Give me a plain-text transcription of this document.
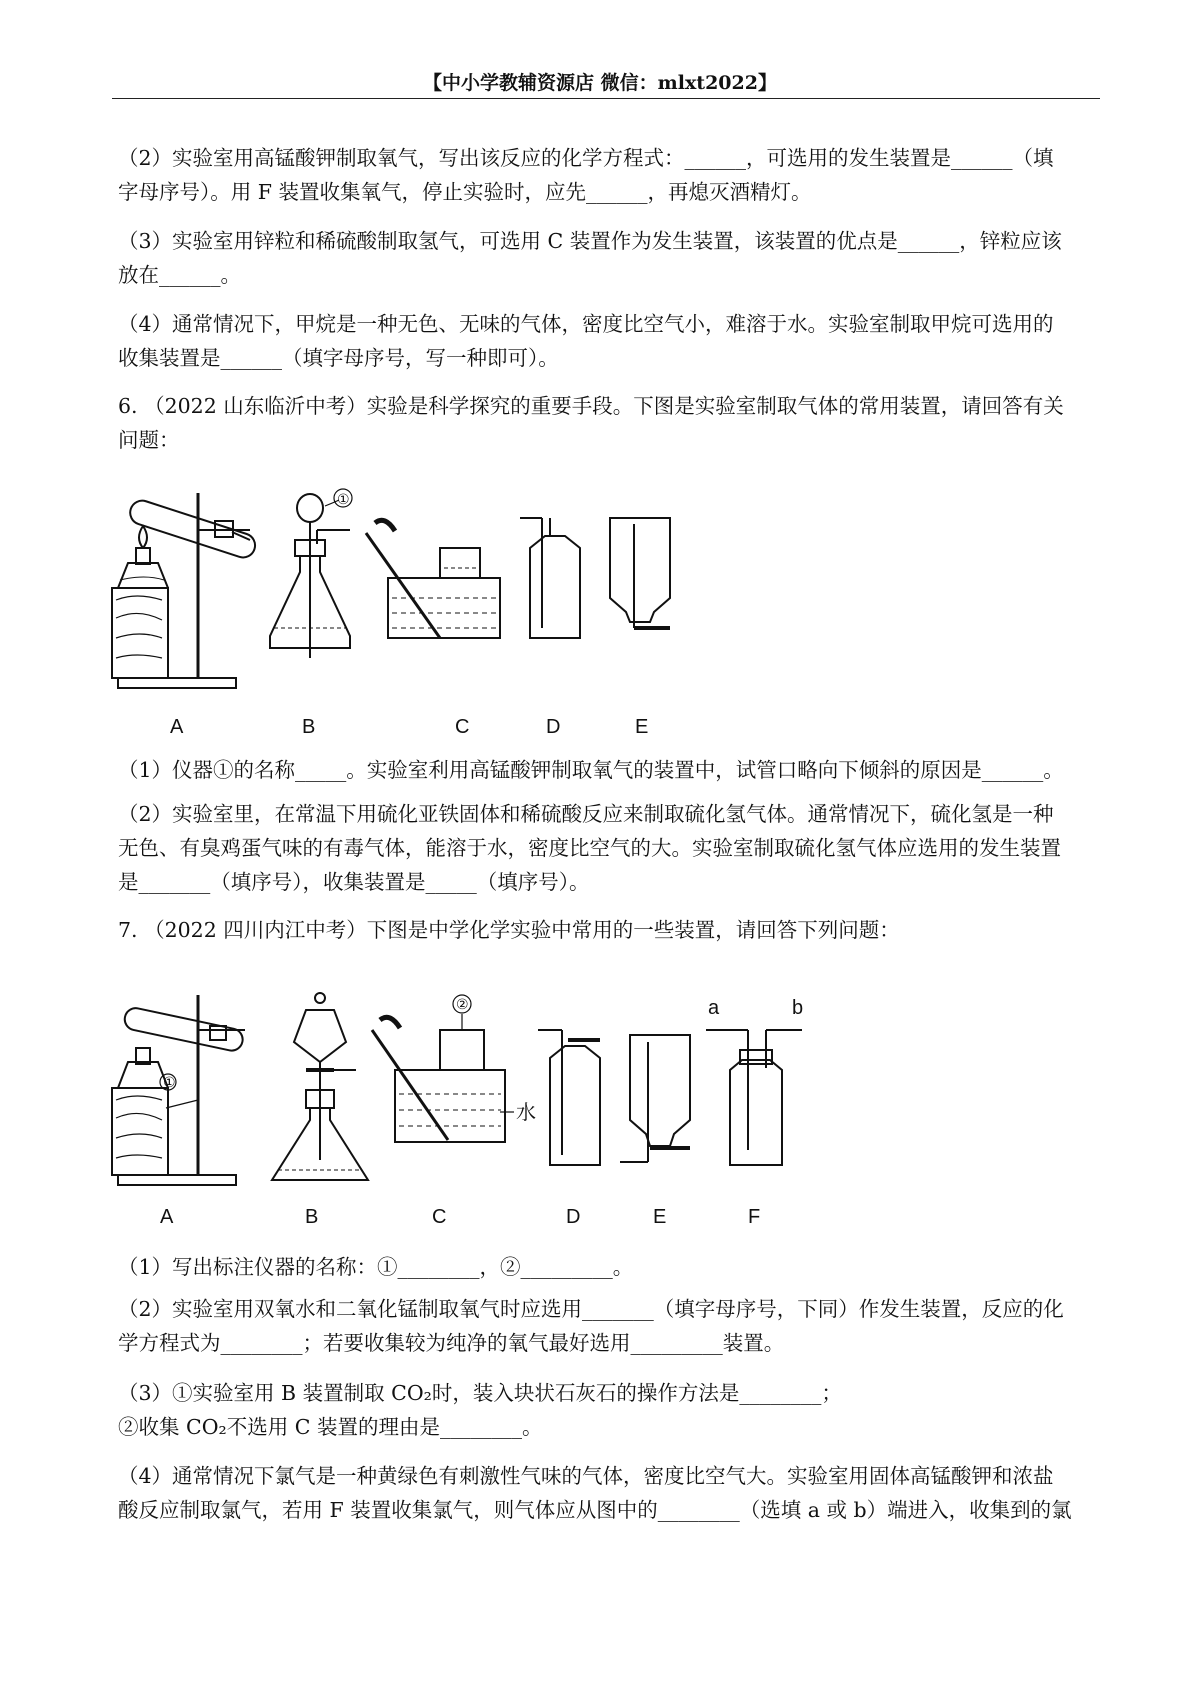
【中小学教辅资源店 微信：mlxt2022】
（2）实验室用高锰酸钾制取氧气，写出该反应的化学方程式：______，可选用的发生装置是______（填
字母序号）。用 F 装置收集氧气，停止实验时，应先______，再熄灭酒精灯。
（3）实验室用锌粒和稀硫酸制取氢气，可选用 C 装置作为发生装置，该装置的优点是______，锌粒应该
放在______。
（4）通常情况下，甲烷是一种无色、无味的气体，密度比空气小，难溶于水。实验室制取甲烷可选用的
收集装置是______（填字母序号，写一种即可）。
6. （2022 山东临沂中考）实验是科学探究的重要手段。下图是实验室制取气体的常用装置，请回答有关
问题：
（1）仪器①的名称_____。实验室利用高锰酸钾制取氧气的装置中，试管口略向下倾斜的原因是______。
（2）实验室里，在常温下用硫化亚铁固体和稀硫酸反应来制取硫化氢气体。通常情况下，硫化氢是一种
无色、有臭鸡蛋气味的有毒气体，能溶于水，密度比空气的大。实验室制取硫化氢气体应选用的发生装置
是_______（填序号），收集装置是_____（填序号）。
7. （2022 四川内江中考）下图是中学化学实验中常用的一些装置，请回答下列问题：
（1）写出标注仪器的名称：①________，②_________。
（2）实验室用双氧水和二氧化锰制取氧气时应选用_______（填字母序号，下同）作发生装置，反应的化
学方程式为________；若要收集较为纯净的氧气最好选用_________装置。
（3）①实验室用 B 装置制取 CO₂时，装入块状石灰石的操作方法是________；
②收集 CO₂不选用 C 装置的理由是________。
（4）通常情况下氯气是一种黄绿色有刺激性气味的气体，密度比空气大。实验室用固体高锰酸钾和浓盐
酸反应制取氯气，若用 F 装置收集氯气，则气体应从图中的________（选填 a 或 b）端进入，收集到的氯
A
①
B	C	D	E
①
A	B
②
水
C	D	E
a	b
F
